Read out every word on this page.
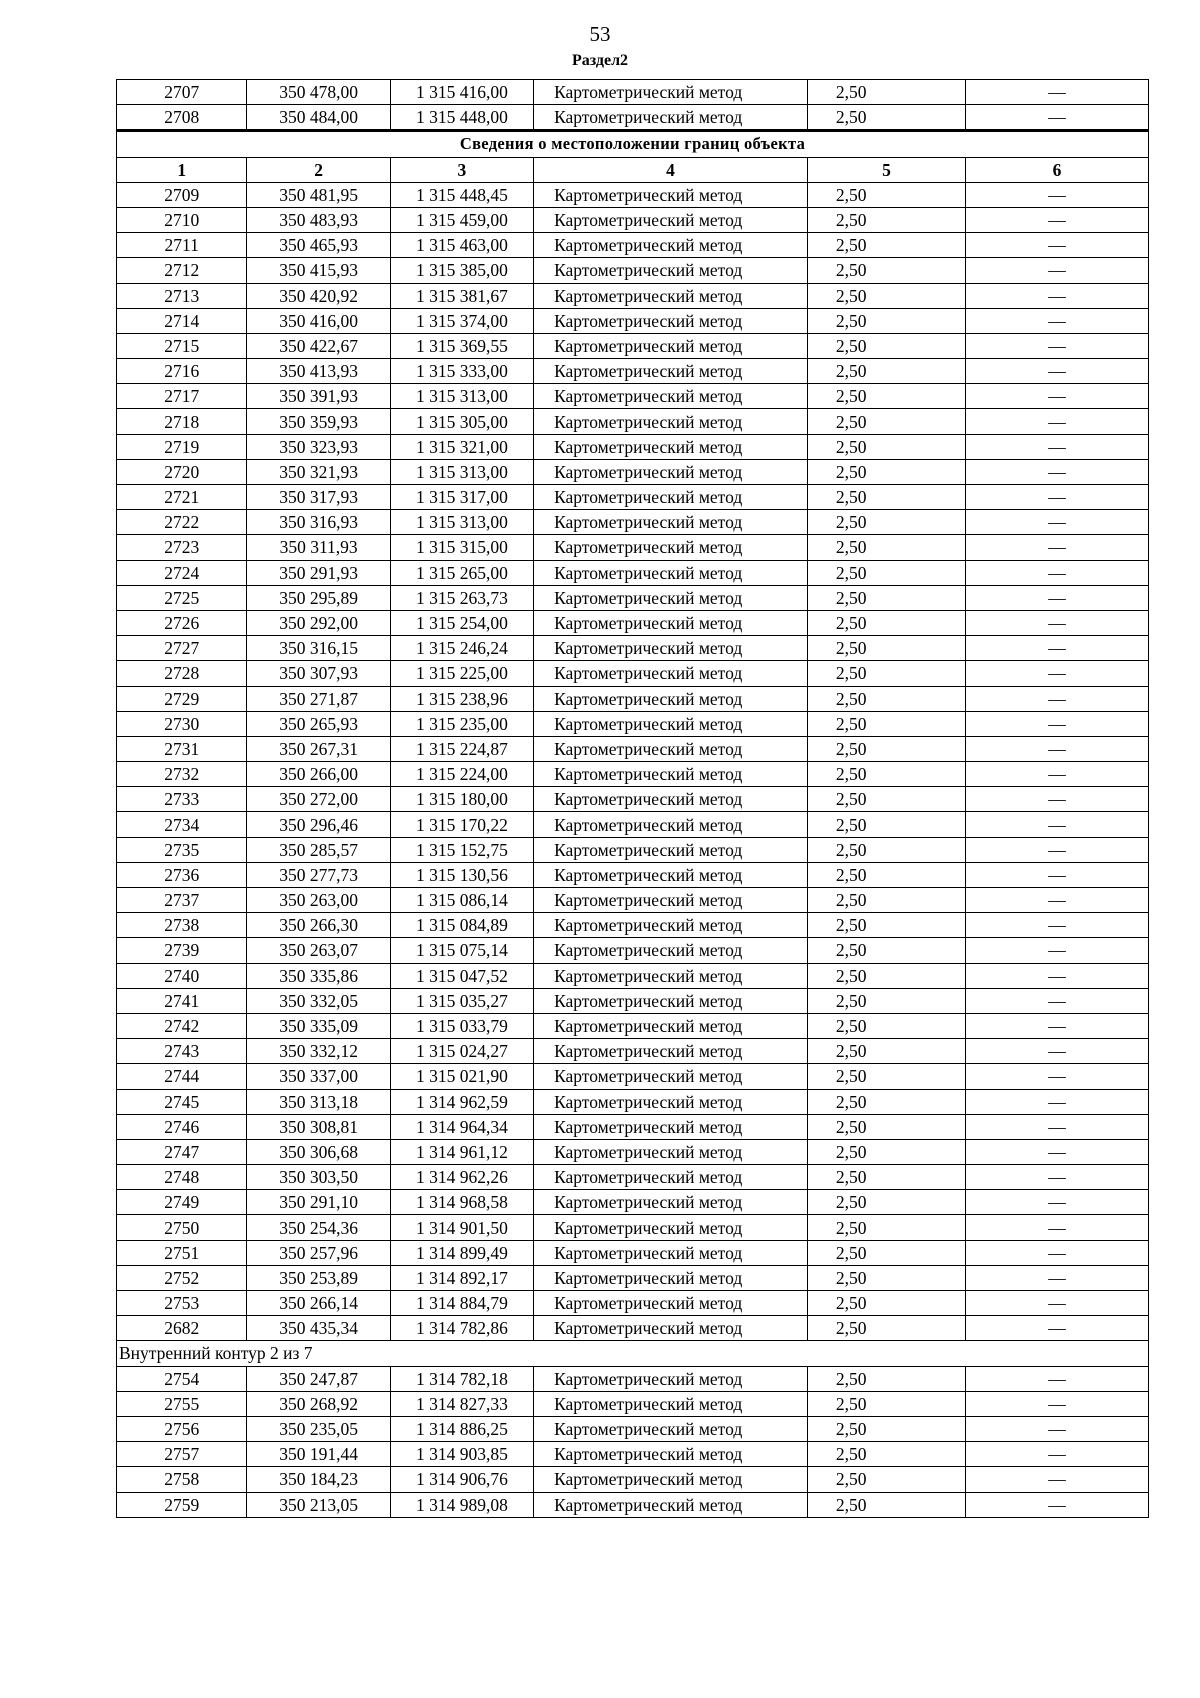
53
Раздел2
2707	350 478,00	1 315 416,00	Картометрический метод	2,50	—
2708	350 484,00	1 315 448,00	Картометрический метод	2,50	—
Сведения о местоположении границ объекта					
1	2	3	4	5	6
2709	350 481,95	1 315 448,45	Картометрический метод	2,50	—
2710	350 483,93	1 315 459,00	Картометрический метод	2,50	—
2711	350 465,93	1 315 463,00	Картометрический метод	2,50	—
2712	350 415,93	1 315 385,00	Картометрический метод	2,50	—
2713	350 420,92	1 315 381,67	Картометрический метод	2,50	—
2714	350 416,00	1 315 374,00	Картометрический метод	2,50	—
2715	350 422,67	1 315 369,55	Картометрический метод	2,50	—
2716	350 413,93	1 315 333,00	Картометрический метод	2,50	—
2717	350 391,93	1 315 313,00	Картометрический метод	2,50	—
2718	350 359,93	1 315 305,00	Картометрический метод	2,50	—
2719	350 323,93	1 315 321,00	Картометрический метод	2,50	—
2720	350 321,93	1 315 313,00	Картометрический метод	2,50	—
2721	350 317,93	1 315 317,00	Картометрический метод	2,50	—
2722	350 316,93	1 315 313,00	Картометрический метод	2,50	—
2723	350 311,93	1 315 315,00	Картометрический метод	2,50	—
2724	350 291,93	1 315 265,00	Картометрический метод	2,50	—
2725	350 295,89	1 315 263,73	Картометрический метод	2,50	—
2726	350 292,00	1 315 254,00	Картометрический метод	2,50	—
2727	350 316,15	1 315 246,24	Картометрический метод	2,50	—
2728	350 307,93	1 315 225,00	Картометрический метод	2,50	—
2729	350 271,87	1 315 238,96	Картометрический метод	2,50	—
2730	350 265,93	1 315 235,00	Картометрический метод	2,50	—
2731	350 267,31	1 315 224,87	Картометрический метод	2,50	—
2732	350 266,00	1 315 224,00	Картометрический метод	2,50	—
2733	350 272,00	1 315 180,00	Картометрический метод	2,50	—
2734	350 296,46	1 315 170,22	Картометрический метод	2,50	—
2735	350 285,57	1 315 152,75	Картометрический метод	2,50	—
2736	350 277,73	1 315 130,56	Картометрический метод	2,50	—
2737	350 263,00	1 315 086,14	Картометрический метод	2,50	—
2738	350 266,30	1 315 084,89	Картометрический метод	2,50	—
2739	350 263,07	1 315 075,14	Картометрический метод	2,50	—
2740	350 335,86	1 315 047,52	Картометрический метод	2,50	—
2741	350 332,05	1 315 035,27	Картометрический метод	2,50	—
2742	350 335,09	1 315 033,79	Картометрический метод	2,50	—
2743	350 332,12	1 315 024,27	Картометрический метод	2,50	—
2744	350 337,00	1 315 021,90	Картометрический метод	2,50	—
2745	350 313,18	1 314 962,59	Картометрический метод	2,50	—
2746	350 308,81	1 314 964,34	Картометрический метод	2,50	—
2747	350 306,68	1 314 961,12	Картометрический метод	2,50	—
2748	350 303,50	1 314 962,26	Картометрический метод	2,50	—
2749	350 291,10	1 314 968,58	Картометрический метод	2,50	—
2750	350 254,36	1 314 901,50	Картометрический метод	2,50	—
2751	350 257,96	1 314 899,49	Картометрический метод	2,50	—
2752	350 253,89	1 314 892,17	Картометрический метод	2,50	—
2753	350 266,14	1 314 884,79	Картометрический метод	2,50	—
2682	350 435,34	1 314 782,86	Картометрический метод	2,50	—
Внутренний контур 2 из 7					
2754	350 247,87	1 314 782,18	Картометрический метод	2,50	—
2755	350 268,92	1 314 827,33	Картометрический метод	2,50	—
2756	350 235,05	1 314 886,25	Картометрический метод	2,50	—
2757	350 191,44	1 314 903,85	Картометрический метод	2,50	—
2758	350 184,23	1 314 906,76	Картометрический метод	2,50	—
2759	350 213,05	1 314 989,08	Картометрический метод	2,50	—
